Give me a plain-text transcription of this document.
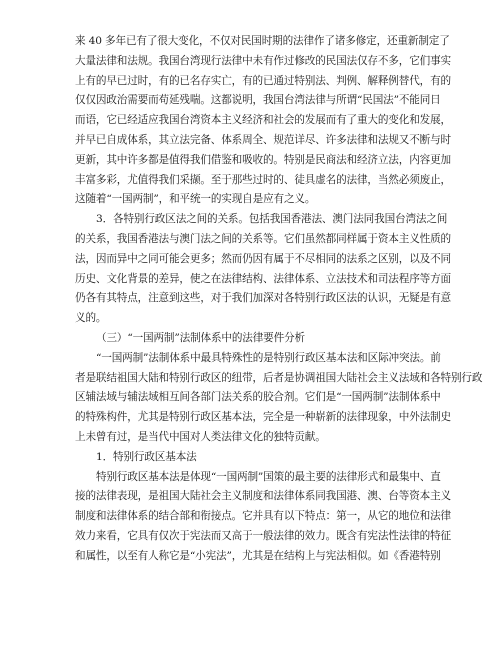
来 40 多年已有了很大变化，不仅对民国时期的法律作了诸多修定，还重新制定了
大量法律和法规。我国台湾现行法律中未有作过修改的民国法仅存不多，它们事实
上有的早已过时，有的已名存实亡，有的已通过特别法、判例、解释例替代，有的
仅仅因政治需要而苟延残喘。这都说明，我国台湾法律与所谓“民国法”不能同日
而语，它已经适应我国台湾资本主义经济和社会的发展而有了重大的变化和发展，
并早已自成体系，其立法完备、体系周全、规范详尽、许多法律和法规又不断与时
更新，其中许多都是值得我们借鉴和吸收的。特别是民商法和经济立法，内容更加
丰富多彩，尤值得我们采撷。至于那些过时的、徒具虚名的法律，当然必须废止，
这随着“一国两制”，和平统一的实现自是应有之义。
3．各特别行政区法之间的关系。包括我国香港法、澳门法同我国台湾法之间
的关系，我国香港法与澳门法之间的关系等。它们虽然都同样属于资本主义性质的
法，因而异中之同可能会更多；然而仍因有属于不尽相同的法系之区别，以及不同
历史、文化背景的差异，使之在法律结构、法律体系、立法技术和司法程序等方面
仍各有其特点，注意到这些，对于我们加深对各特别行政区法的认识，无疑是有意
义的。
（三）“一国两制”法制体系中的法律要件分析
“一国两制”法制体系中最具特殊性的是特别行政区基本法和区际冲突法。前
者是联结祖国大陆和特别行政区的纽带，后者是协调祖国大陆社会主义法域和各特别行政
区辅法域与辅法域相互间各部门法关系的胶合剂。它们是“一国两制”法制体系中
的特殊构件，尤其是特别行政区基本法，完全是一种崭新的法律现象，中外法制史
上未曾有过，是当代中国对人类法律文化的独特贡献。
1．特别行政区基本法
特别行政区基本法是体现“一国两制”国策的最主要的法律形式和最集中、直
接的法律表现，是祖国大陆社会主义制度和法律体系同我国港、澳、台等资本主义
制度和法律体系的结合部和衔接点。它并具有以下特点：第一，从它的地位和法律
效力来看，它具有仅次于宪法而又高于一般法律的效力。既含有宪法性法律的特征
和属性，以至有人称它是“小宪法”，尤其是在结构上与宪法相似。如《香港特别
